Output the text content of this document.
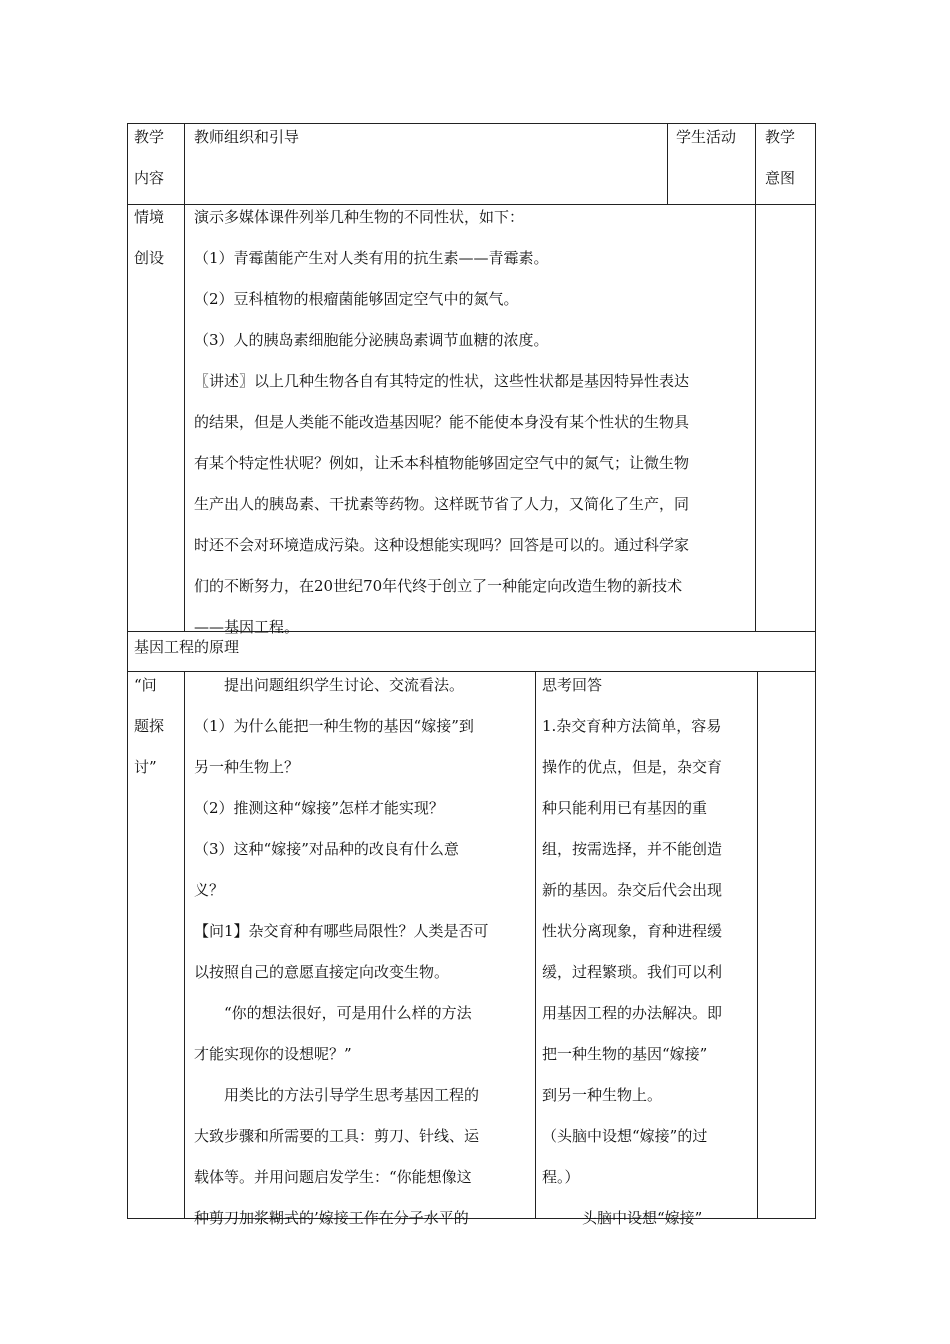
教学

内容

教师组织和引导	学生活动	教学

意图

情境

创设

演示多媒体课件列举几种生物的不同性状，如下：

（1）青霉菌能产生对人类有用的抗生素——青霉素。

（2）豆科植物的根瘤菌能够固定空气中的氮气。

（3）人的胰岛素细胞能分泌胰岛素调节血糖的浓度。

〖讲述〗以上几种生物各自有其特定的性状，这些性状都是基因特异性表达

的结果，但是人类能不能改造基因呢？能不能使本身没有某个性状的生物具

有某个特定性状呢？例如，让禾本科植物能够固定空气中的氮气；让微生物

生产出人的胰岛素、干扰素等药物。这样既节省了人力，又简化了生产，同

时还不会对环境造成污染。这种设想能实现吗？回答是可以的。通过科学家

们的不断努力，在20世纪70年代终于创立了一种能定向改造生物的新技术

——基因工程。

基因工程的原理

“问

题探

讨”

提出问题组织学生讨论、交流看法。

（1）为什么能把一种生物的基因“嫁接”到

另一种生物上？

（2）推测这种“嫁接”怎样才能实现？

（3）这种“嫁接”对品种的改良有什么意

义？

【问1】杂交育种有哪些局限性？人类是否可

以按照自己的意愿直接定向改变生物。

“你的想法很好，可是用什么样的方法

才能实现你的设想呢？”

用类比的方法引导学生思考基因工程的

大致步骤和所需要的工具：剪刀、针线、运

载体等。并用问题启发学生：“你能想像这

种剪刀加浆糊式的’嫁接工作在分子水平的

思考回答

1.杂交育种方法简单，容易

操作的优点，但是，杂交育

种只能利用已有基因的重

组，按需选择，并不能创造

新的基因。杂交后代会出现

性状分离现象，育种进程缓

缓，过程繁琐。我们可以利

用基因工程的办法解决。即

把一种生物的基因“嫁接”

到另一种生物上。

（头脑中设想“嫁接”的过

程。）

头脑中设想“嫁接”
